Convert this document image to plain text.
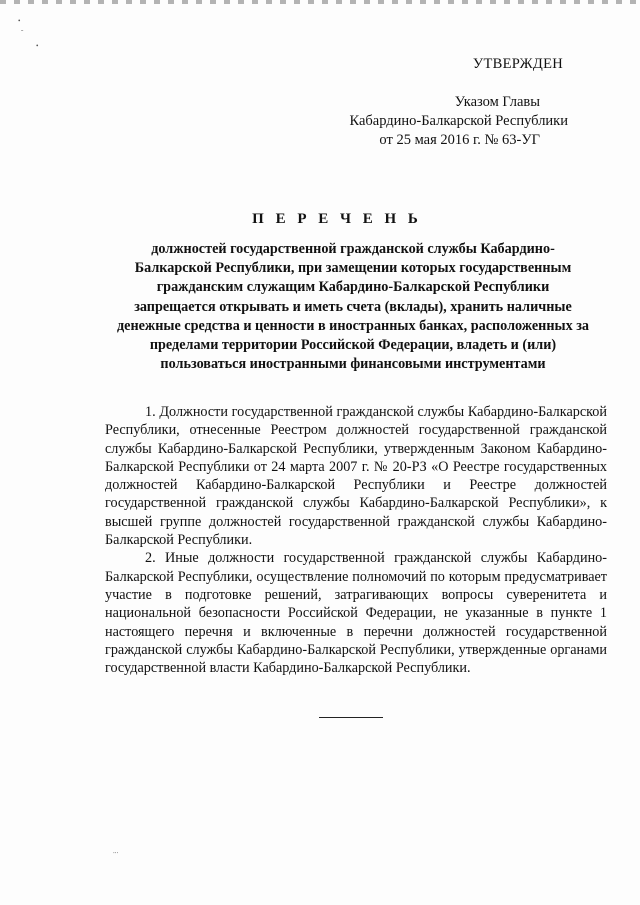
•
ˇ
•
∙∙∙
УТВЕРЖДЕН
Указом Главы
Кабардино-Балкарской Республики
от 25 мая 2016 г. № 63-УГ
П Е Р Е Ч Е Н Ь
должностей государственной гражданской службы Кабардино-
Балкарской Республики, при замещении которых государственным
гражданским служащим Кабардино-Балкарской Республики
запрещается открывать и иметь счета (вклады), хранить наличные
денежные средства и ценности в иностранных банках, расположенных за
пределами территории Российской Федерации, владеть и (или)
пользоваться иностранными финансовыми инструментами

1. Должности государственной гражданской службы Кабардино-Балкарской Республики, отнесенные Реестром должностей государственной гражданской службы Кабардино-Балкарской Республики, утвержденным Законом Кабардино-Балкарской Республики от 24 марта 2007 г. № 20-РЗ «О Реестре государственных должностей Кабардино-Балкарской Республики и Реестре должностей государственной гражданской службы Кабардино-Балкарской Республики», к высшей группе должностей государственной гражданской службы Кабардино-Балкарской Республики.

2. Иные должности государственной гражданской службы Кабардино-Балкарской Республики, осуществление полномочий по которым предусматривает участие в подготовке решений, затрагивающих вопросы суверенитета и национальной безопасности Российской Федерации, не указанные в пункте 1 настоящего перечня и включенные в перечни должностей государственной гражданской службы Кабардино-Балкарской Республики, утвержденные органами государственной власти Кабардино-Балкарской Республики.
